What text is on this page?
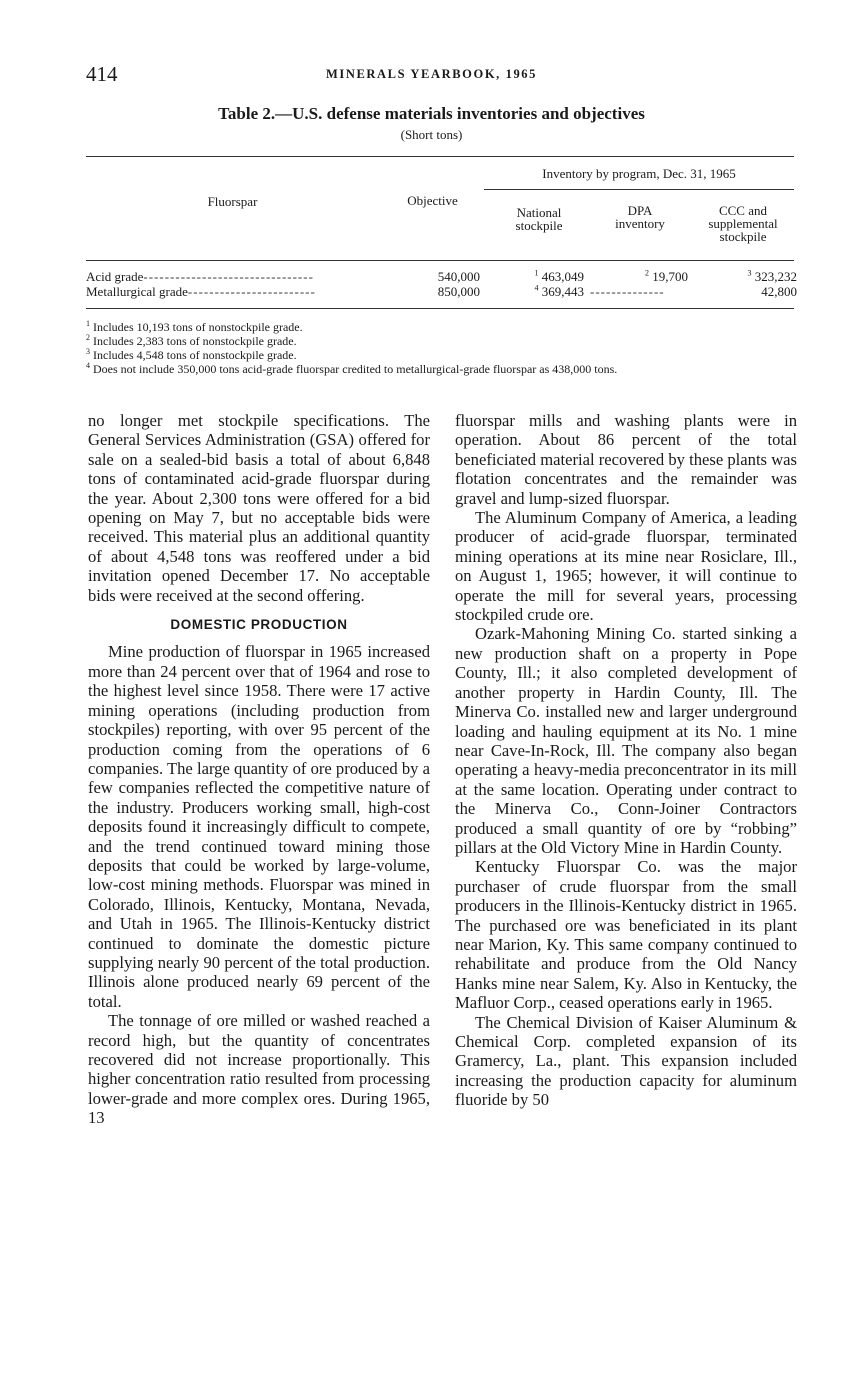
414	MINERALS YEARBOOK, 1965
Table 2.—U.S. defense materials inventories and objectives
(Short tons)
Fluorspar	Objective
Inventory by program, Dec. 31, 1965
National
stockpile
DPA
inventory
CCC and
supplemental
stockpile
Acid grade--------------------------------	540,000	$^1$ 463,049	$^2$ 19,700	$^3$ 323,232
Metallurgical grade------------------------	850,000	$^4$ 369,443 --------------	42,800
$^1$ Includes 10,193 tons of nonstockpile grade.
$^2$ Includes 2,383 tons of nonstockpile grade.
$^3$ Includes 4,548 tons of nonstockpile grade.
$^4$ Does not include 350,000 tons acid-grade fluorspar credited to metallurgical-grade fluorspar as 438,000 tons.

no longer met stockpile specifications. The General Services Administration (GSA) offered for sale on a sealed-bid basis a total of about 6,848 tons of contaminated acid-grade fluorspar during the year. About 2,300 tons were offered for a bid opening on May 7, but no acceptable bids were received. This material plus an additional quantity of about 4,548 tons was reoffered under a bid invitation opened December 17. No acceptable bids were received at the second offering.

DOMESTIC PRODUCTION

Mine production of fluorspar in 1965 increased more than 24 percent over that of 1964 and rose to the highest level since 1958. There were 17 active mining operations (including production from stockpiles) reporting, with over 95 percent of the production coming from the operations of 6 companies. The large quantity of ore produced by a few companies reflected the competitive nature of the industry. Producers working small, high-cost deposits found it increasingly difficult to compete, and the trend continued toward mining those deposits that could be worked by large-volume, low-cost mining methods. Fluorspar was mined in Colorado, Illinois, Kentucky, Montana, Nevada, and Utah in 1965. The Illinois-Kentucky district continued to dominate the domestic picture supplying nearly 90 percent of the total production. Illinois alone produced nearly 69 percent of the total.

The tonnage of ore milled or washed reached a record high, but the quantity of concentrates recovered did not increase proportionally. This higher concentration ratio resulted from processing lower-grade and more complex ores. During 1965, 13

fluorspar mills and washing plants were in operation. About 86 percent of the total beneficiated material recovered by these plants was flotation concentrates and the remainder was gravel and lump-sized fluorspar.

The Aluminum Company of America, a leading producer of acid-grade fluorspar, terminated mining operations at its mine near Rosiclare, Ill., on August 1, 1965; however, it will continue to operate the mill for several years, processing stockpiled crude ore.

Ozark-Mahoning Mining Co. started sinking a new production shaft on a property in Pope County, Ill.; it also completed development of another property in Hardin County, Ill. The Minerva Co. installed new and larger underground loading and hauling equipment at its No. 1 mine near Cave-In-Rock, Ill. The company also began operating a heavy-media preconcentrator in its mill at the same location. Operating under contract to the Minerva Co., Conn-Joiner Contractors produced a small quantity of ore by “robbing” pillars at the Old Victory Mine in Hardin County.

Kentucky Fluorspar Co. was the major purchaser of crude fluorspar from the small producers in the Illinois-Kentucky district in 1965. The purchased ore was beneficiated in its plant near Marion, Ky. This same company continued to rehabilitate and produce from the Old Nancy Hanks mine near Salem, Ky. Also in Kentucky, the Mafluor Corp., ceased operations early in 1965.

The Chemical Division of Kaiser Aluminum & Chemical Corp. completed expansion of its Gramercy, La., plant. This expansion included increasing the production capacity for aluminum fluoride by 50
